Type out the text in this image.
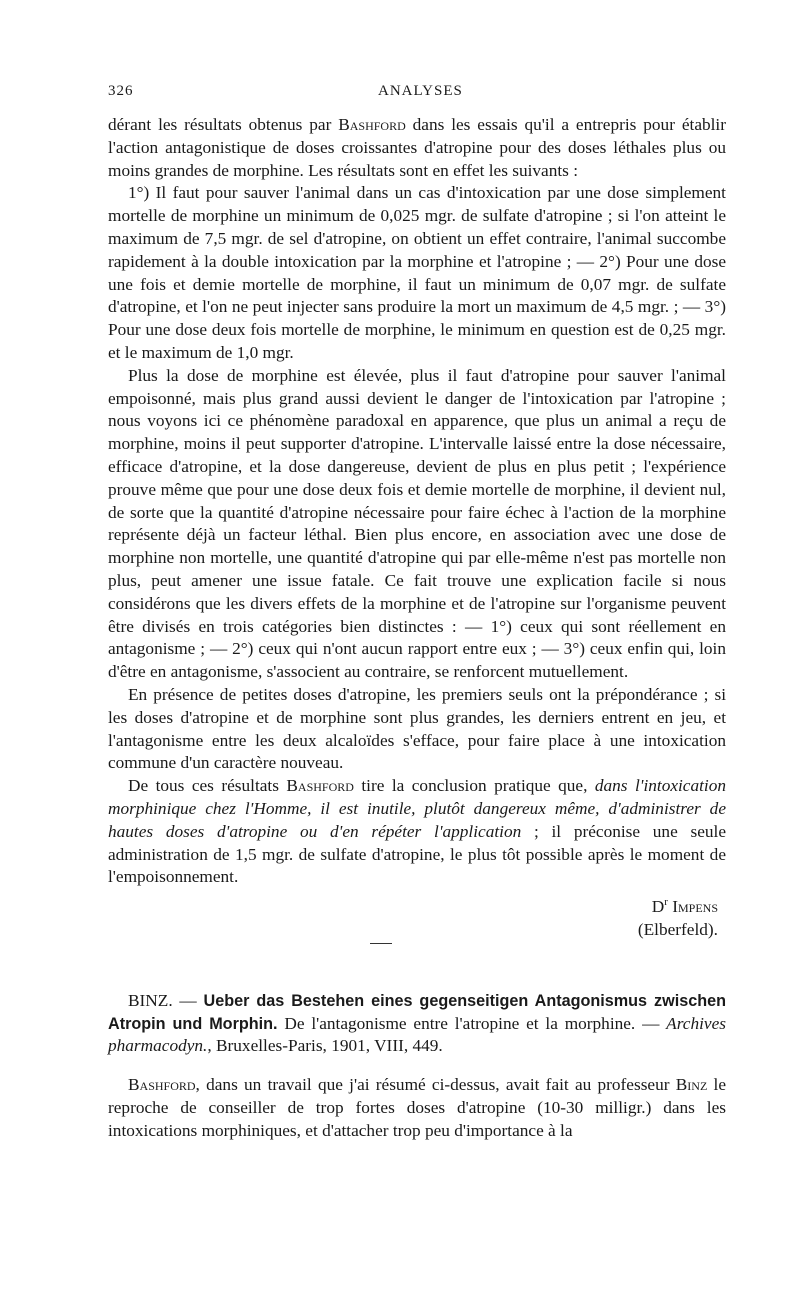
326	ANALYSES

dérant les résultats obtenus par Bashford dans les essais qu'il a entrepris pour établir l'action antagonistique de doses croissantes d'atropine pour des doses léthales plus ou moins grandes de morphine. Les résultats sont en effet les suivants :

1°) Il faut pour sauver l'animal dans un cas d'intoxication par une dose simplement mortelle de morphine un minimum de 0,025 mgr. de sulfate d'atropine ; si l'on atteint le maximum de 7,5 mgr. de sel d'atropine, on obtient un effet contraire, l'animal succombe rapidement à la double intoxication par la morphine et l'atropine ; — 2°) Pour une dose une fois et demie mortelle de morphine, il faut un minimum de 0,07 mgr. de sulfate d'atropine, et l'on ne peut injecter sans produire la mort un maximum de 4,5 mgr. ; — 3°) Pour une dose deux fois mortelle de morphine, le minimum en question est de 0,25 mgr. et le maximum de 1,0 mgr.

Plus la dose de morphine est élevée, plus il faut d'atropine pour sauver l'animal empoisonné, mais plus grand aussi devient le danger de l'intoxication par l'atropine ; nous voyons ici ce phénomène paradoxal en apparence, que plus un animal a reçu de morphine, moins il peut supporter d'atropine. L'intervalle laissé entre la dose nécessaire, efficace d'atropine, et la dose dangereuse, devient de plus en plus petit ; l'expérience prouve même que pour une dose deux fois et demie mortelle de morphine, il devient nul, de sorte que la quantité d'atropine nécessaire pour faire échec à l'action de la morphine représente déjà un facteur léthal. Bien plus encore, en association avec une dose de morphine non mortelle, une quantité d'atropine qui par elle-même n'est pas mortelle non plus, peut amener une issue fatale. Ce fait trouve une explication facile si nous considérons que les divers effets de la morphine et de l'atropine sur l'organisme peuvent être divisés en trois catégories bien distinctes : — 1°) ceux qui sont réellement en antagonisme ; — 2°) ceux qui n'ont aucun rapport entre eux ; — 3°) ceux enfin qui, loin d'être en antagonisme, s'associent au contraire, se renforcent mutuellement.

En présence de petites doses d'atropine, les premiers seuls ont la prépondérance ; si les doses d'atropine et de morphine sont plus grandes, les derniers entrent en jeu, et l'antagonisme entre les deux alcaloïdes s'efface, pour faire place à une intoxication commune d'un caractère nouveau.

De tous ces résultats Bashford tire la conclusion pratique que, dans l'intoxication morphinique chez l'Homme, il est inutile, plutôt dangereux même, d'administrer de hautes doses d'atropine ou d'en répéter l'application ; il préconise une seule administration de 1,5 mgr. de sulfate d'atropine, le plus tôt possible après le moment de l'empoisonnement.

$D^r$ Impens
(Elberfeld).

BINZ. — Ueber das Bestehen eines gegenseitigen Antagonismus zwischen Atropin und Morphin. De l'antagonisme entre l'atropine et la morphine. — Archives pharmacodyn., Bruxelles-Paris, 1901, VIII, 449.

Bashford, dans un travail que j'ai résumé ci-dessus, avait fait au professeur Binz le reproche de conseiller de trop fortes doses d'atropine (10-30 milligr.) dans les intoxications morphiniques, et d'attacher trop peu d'importance à la
